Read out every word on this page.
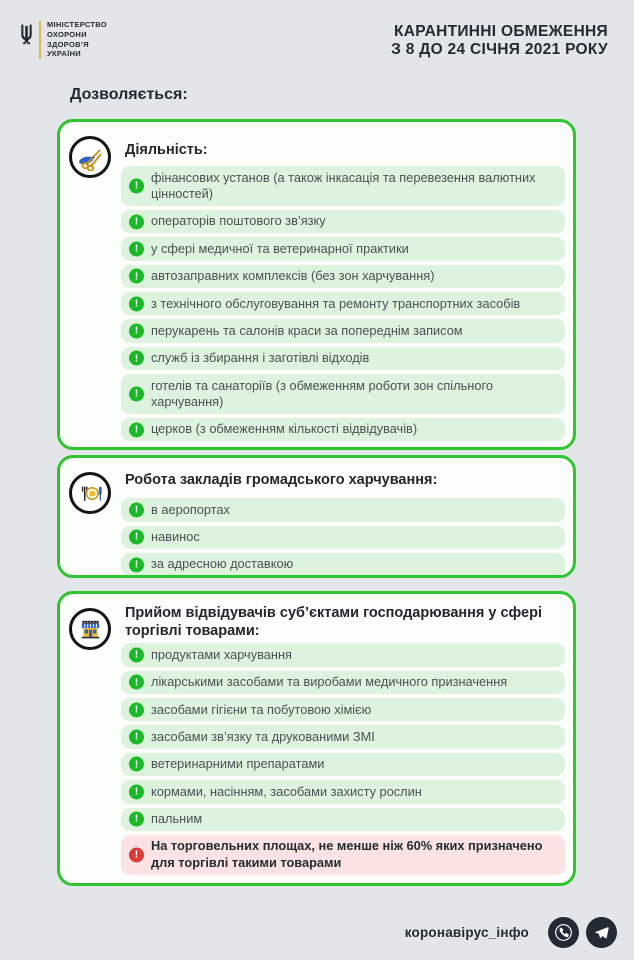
МІНІСТЕРСТВО
ОХОРОНИ
ЗДОРОВ’Я
УКРАЇНИ
КАРАНТИННІ ОБМЕЖЕННЯ
З 8 ДО 24 СІЧНЯ 2021 РОКУ
Дозволяється:
Діяльність:
!
фінансових установ (а також інкасація та перевезення валютних цінностей)
! операторів поштового зв’язку
! у сфері медичної та ветеринарної практики
! автозаправних комплексів (без зон харчування)
! з технічного обслуговування та ремонту транспортних засобів
! перукарень та салонів краси за попереднім записом
! служб із збирання і заготівлі відходів
!
готелів та санаторіїв (з обмеженням роботи зон спільного харчування)
! церков (з обмеженням кількості відвідувачів)
Робота закладів громадського харчування:
! в аеропортах
! навинос
! за адресною доставкою
Прийом відвідувачів суб’єктами господарювання у сфері торгівлі товарами:
! продуктами харчування
! лікарськими засобами та виробами медичного призначення
! засобами гігієни та побутовою хімією
! засобами зв’язку та друкованими ЗМІ
! ветеринарними препаратами
! кормами, насінням, засобами захисту рослин
! пальним
!
На торговельних площах, не менше ніж 60% яких призначено для торгівлі такими товарами
коронавірус_інфо
